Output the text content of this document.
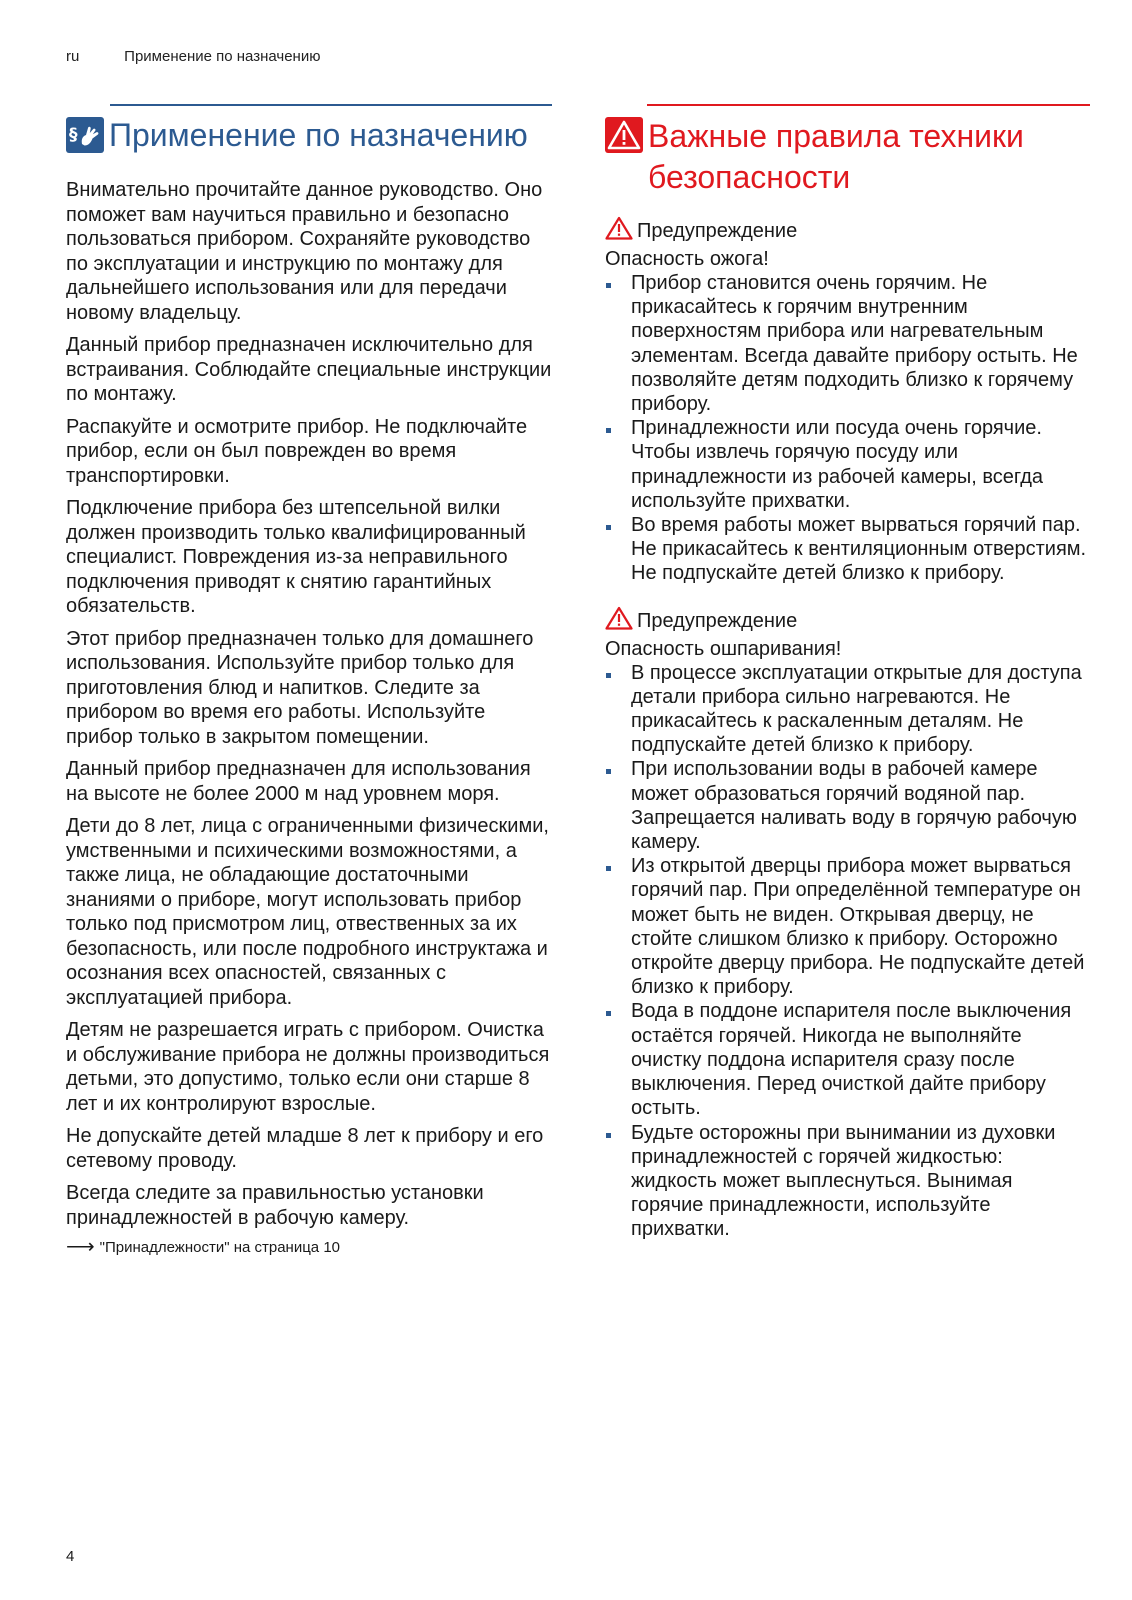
ru	Применение по назначению
§ Применение по назначению

Внимательно прочитайте данное руководство. Оно поможет вам научиться правильно и безопасно пользоваться прибором. Сохраняйте руководство по эксплуатации и инструкцию по монтажу для дальнейшего использования или для передачи новому владельцу.

Данный прибор предназначен исключительно для встраивания. Соблюдайте специальные инструкции по монтажу.

Распакуйте и осмотрите прибор. Не подключайте прибор, если он был поврежден во время транспортировки.

Подключение прибора без штепсельной вилки должен производить только квалифицированный специалист. Повреждения из-за неправильного подключения приводят к снятию гарантийных обязательств.

Этот прибор предназначен только для домашнего использования. Используйте прибор только для приготовления блюд и напитков. Следите за прибором во время его работы. Используйте прибор только в закрытом помещении.

Данный прибор предназначен для использования на высоте не более 2000 м над уровнем моря.

Дети до 8 лет, лица с ограниченными физическими, умственными и психическими возможностями, а также лица, не обладающие достаточными знаниями о приборе, могут использовать прибор только под присмотром лиц, отвественных за их безопасность, или после подробного инструктажа и осознания всех опасностей, связанных с эксплуатацией прибора.

Детям не разрешается играть с прибором. Очистка и обслуживание прибора не должны производиться детьми, это допустимо, только если они старше 8 лет и их контролируют взрослые.

Не допускайте детей младше 8 лет к прибору и его сетевому проводу.

Всегда следите за правильностью установки принадлежностей в рабочую камеру.

⟶ "Принадлежности" на страница 10
Важные правила техники безопасности
Предупреждение
Опасность ожога!
Прибор становится очень горячим. Не прикасайтесь к горячим внутренним поверхностям прибора или нагревательным элементам. Всегда давайте прибору остыть. Не позволяйте детям подходить близко к горячему прибору.
Принадлежности или посуда очень горячие. Чтобы извлечь горячую посуду или принадлежности из рабочей камеры, всегда используйте прихватки.
Во время работы может вырваться горячий пар. Не прикасайтесь к вентиляционным отверстиям. Не подпускайте детей близко к прибору.
Предупреждение
Опасность ошпаривания!
В процессе эксплуатации открытые для доступа детали прибора сильно нагреваются. Не прикасайтесь к раскаленным деталям. Не подпускайте детей близко к прибору.
При использовании воды в рабочей камере может образоваться горячий водяной пар. Запрещается наливать воду в горячую рабочую камеру.
Из открытой дверцы прибора может вырваться горячий пар. При определённой температуре он может быть не виден. Открывая дверцу, не стойте слишком близко к прибору. Осторожно откройте дверцу прибора. Не подпускайте детей близко к прибору.
Вода в поддоне испарителя после выключения остаётся горячей. Никогда не выполняйте очистку поддона испарителя сразу после выключения. Перед очисткой дайте прибору остыть.
Будьте осторожны при вынимании из духовки принадлежностей с горячей жидкостью: жидкость может выплеснуться. Вынимая горячие принадлежности, используйте прихватки.
4
